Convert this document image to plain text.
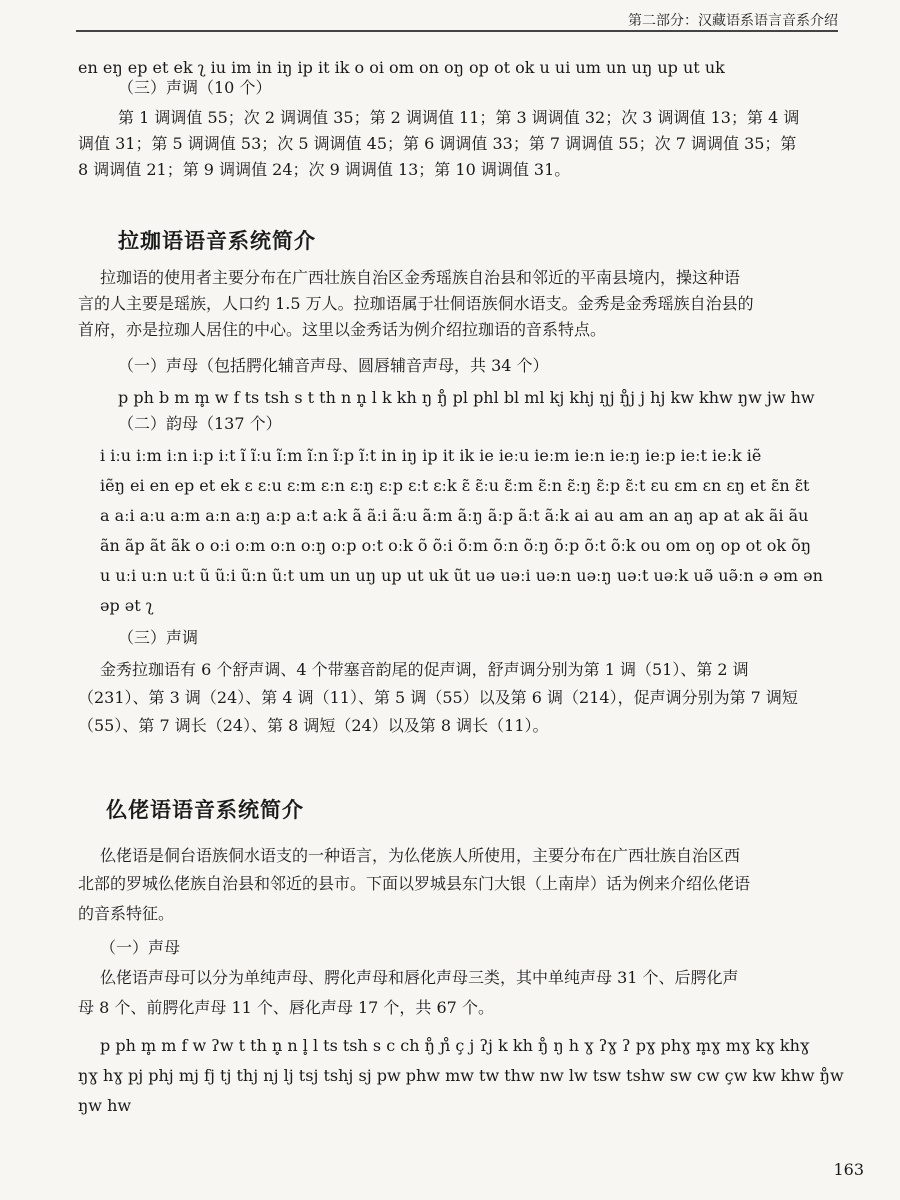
第二部分：汉藏语系语言音系介绍
en eŋ ep et ek ʅ iu im in iŋ ip it ik o oi om on oŋ op ot ok u ui um un uŋ up ut uk
（三）声调（10 个）
第 1 调调值 55；次 2 调调值 35；第 2 调调值 11；第 3 调调值 32；次 3 调调值 13；第 4 调
调值 31；第 5 调调值 53；次 5 调调值 45；第 6 调调值 33；第 7 调调值 55；次 7 调调值 35；第
8 调调值 21；第 9 调调值 24；次 9 调调值 13；第 10 调调值 31。
拉珈语语音系统简介
拉珈语的使用者主要分布在广西壮族自治区金秀瑶族自治县和邻近的平南县境内，操这种语
言的人主要是瑶族，人口约 1.5 万人。拉珈语属于壮侗语族侗水语支。金秀是金秀瑶族自治县的
首府，亦是拉珈人居住的中心。这里以金秀话为例介绍拉珈语的音系特点。
（一）声母（包括腭化辅音声母、圆唇辅音声母，共 34 个）
p ph b m m̥ w f ts tsh s t th n n̥ l k kh ŋ ŋ̊ pl phl bl ml kj khj ŋj ŋ̊j j hj kw khw ŋw jw hw
（二）韵母（137 个）
i iːu iːm iːn iːp iːt ĩ ĩːu ĩːm ĩːn ĩːp ĩːt in iŋ ip it ik ie ieːu ieːm ieːn ieːŋ ieːp ieːt ieːk iẽ
iẽŋ ei en ep et ek ɛ ɛːu ɛːm ɛːn ɛːŋ ɛːp ɛːt ɛːk ɛ̃ ɛ̃ːu ɛ̃ːm ɛ̃ːn ɛ̃ːŋ ɛ̃ːp ɛ̃ːt ɛu ɛm ɛn ɛŋ et ɛ̃n ɛ̃t
a aːi aːu aːm aːn aːŋ aːp aːt aːk ã ãːi ãːu ãːm ãːŋ ãːp ãːt ãːk ai au am an aŋ ap at ak ãi ãu
ãn ãp ãt ãk o oːi oːm oːn oːŋ oːp oːt oːk õ õːi õːm õːn õːŋ õːp õːt õːk ou om oŋ op ot ok õŋ
u uːi uːn uːt ũ ũːi ũːn ũːt um un uŋ up ut uk ũt uə uəːi uəːn uəːŋ uəːt uəːk uə̃ uə̃ːn ə əm ən
əp ət ʅ
（三）声调
金秀拉珈语有 6 个舒声调、4 个带塞音韵尾的促声调，舒声调分别为第 1 调（51）、第 2 调
（231）、第 3 调（24）、第 4 调（11）、第 5 调（55）以及第 6 调（214），促声调分别为第 7 调短
（55）、第 7 调长（24）、第 8 调短（24）以及第 8 调长（11）。
仫佬语语音系统简介
仫佬语是侗台语族侗水语支的一种语言，为仫佬族人所使用，主要分布在广西壮族自治区西
北部的罗城仫佬族自治县和邻近的县市。下面以罗城县东门大银（上南岸）话为例来介绍仫佬语
的音系特征。
（一）声母
仫佬语声母可以分为单纯声母、腭化声母和唇化声母三类，其中单纯声母 31 个、后腭化声
母 8 个、前腭化声母 11 个、唇化声母 17 个，共 67 个。
p ph m̥ m f w ʔw t th n̥ n l̥ l ts tsh s c ch ŋ̊ ɲ̊ ç j ʔj k kh ŋ̊ ŋ h ɣ ʔɣ ʔ pɣ phɣ m̥ɣ mɣ kɣ khɣ
ŋɣ hɣ pj phj mj fj tj thj nj lj tsj tshj sj pw phw mw tw thw nw lw tsw tshw sw cw çw kw khw ŋ̊w
ŋw hw
163
